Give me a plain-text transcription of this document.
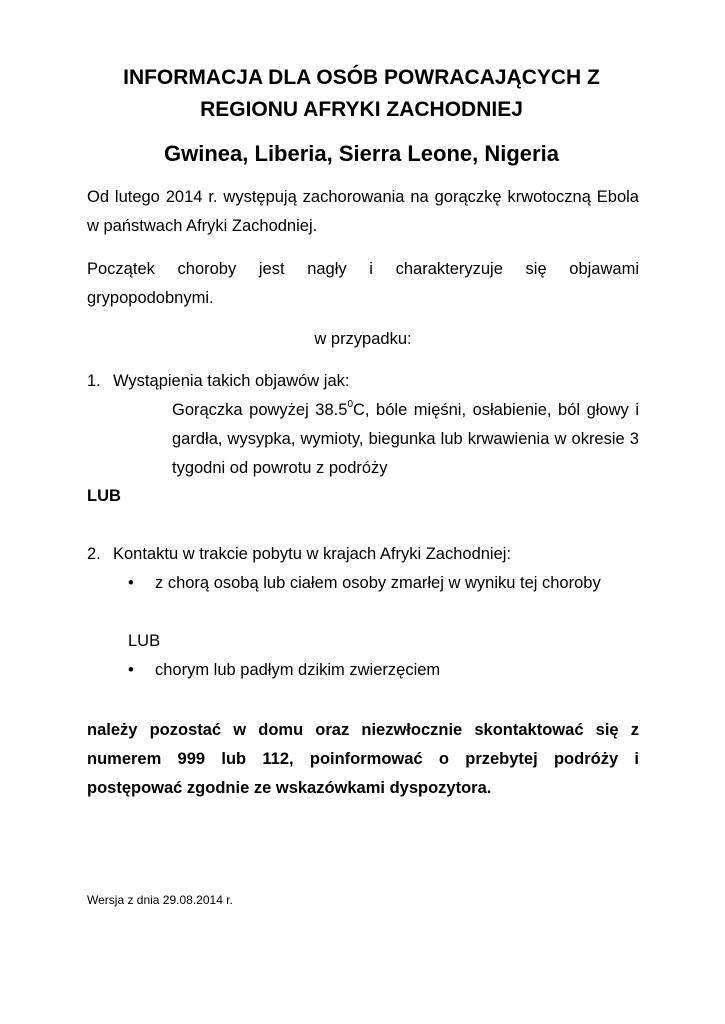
INFORMACJA DLA OSÓB POWRACAJĄCYCH Z
REGIONU AFRYKI ZACHODNIEJ
Gwinea, Liberia, Sierra Leone, Nigeria

Od lutego 2014 r. występują zachorowania na gorączkę krwotoczną Ebola w państwach Afryki Zachodniej.

Początek choroby jest nagły i charakteryzuje się objawami grypopodobnymi.

w przypadku:

1. Wystąpienia takich objawów jak:

Gorączka powyżej 38.5$^0$C, bóle mięśni, osłabienie, ból głowy i gardła, wysypka, wymioty, biegunka lub krwawienia w okresie 3 tygodni od powrotu z podróży

LUB
2. Kontaktu w trakcie pobytu w krajach Afryki Zachodniej:
•	z chorą osobą lub ciałem osoby zmarłej w wyniku tej choroby
LUB
•	chorym lub padłym dzikim zwierzęciem

należy pozostać w domu oraz niezwłocznie skontaktować się z numerem 999 lub 112, poinformować o przebytej podróży i postępować zgodnie ze wskazówkami dyspozytora.

Wersja z dnia 29.08.2014 r.
